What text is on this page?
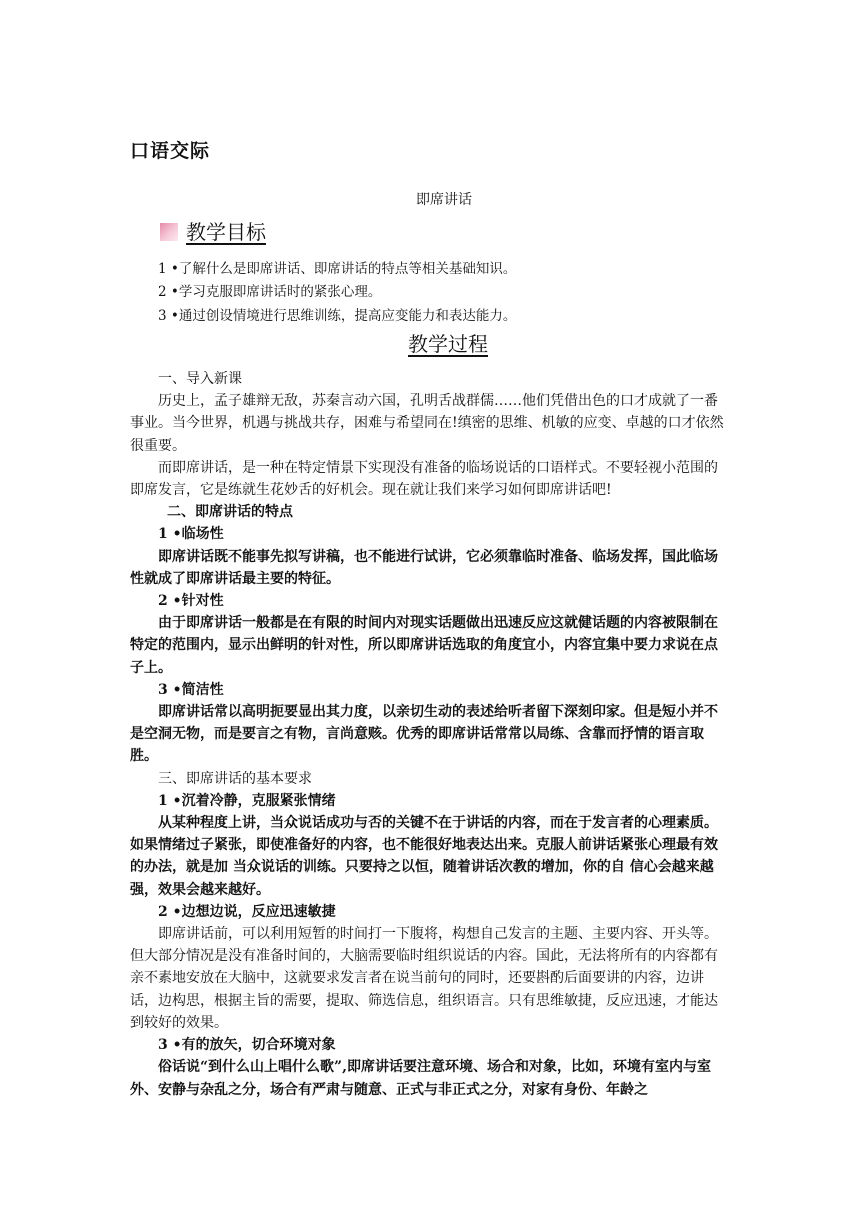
口语交际
即席讲话
教学目标
1 •了解什么是即席讲话、即席讲话的特点等相关基础知识。
2 •学习克服即席讲话时的紧张心理。
3 •通过创设情境进行思维训练，提高应变能力和表达能力。
教学过程

一、导入新课

历史上，孟子雄辩无敌，苏秦言动六国，孔明舌战群儒……他们凭借出色的口才成就了一番事业。当今世界，机遇与挑战共存，困难与希望同在!缜密的思维、机敏的应变、卓越的口才依然很重要。

而即席讲话，是一种在特定情景下实现没有准备的临场说话的口语样式。不要轻视小范围的即席发言，它是练就生花妙舌的好机会。现在就让我们来学习如何即席讲话吧!

二、即席讲话的特点

1 •临场性

即席讲话既不能事先拟写讲稿，也不能进行试讲，它必须靠临时准备、临场发挥，国此临场性就成了即席讲话最主要的特征。

2 •针对性

由于即席讲话一般都是在有限的时间内对现实话题做出迅速反应这就健话题的内容被限制在特定的范围内，显示出鲜明的针对性，所以即席讲话选取的角度宜小，内容宜集中要力求说在点子上。

3 •简洁性

即席讲话常以高明扼要显出其力度，以亲切生动的表述给听者留下深刻印家。但是短小并不是空洞无物，而是要言之有物，言尚意赅。优秀的即席讲话常常以局练、含靠而抒情的语言取胜。

三、即席讲话的基本要求

1 •沉着冷静，克服紧张情绪

从某种程度上讲，当众说话成功与否的关键不在于讲话的内容，而在于发言者的心理素质。如果情绪过子紧张，即使准备好的内容，也不能很好地表达出来。克服人前讲话紧张心理最有效的办法，就是加 当众说话的训练。只要持之以恒，随着讲话次教的增加，你的自 信心会越来越强，效果会越来越好。

2 •边想边说，反应迅速敏捷

即席讲话前，可以利用短暂的时间打一下腹将，构想自己发言的主题、主要内容、开头等。但大部分情况是没有准备时间的，大脑需要临时组织说话的内容。国此，无法将所有的内容都有亲不素地安放在大脑中，这就要求发言者在说当前句的同时，还要斟酌后面要讲的内容，边讲话，边构思，根据主旨的需要，提取、筛选信息，组织语言。只有思维敏捷，反应迅速，才能达到较好的效果。

3 •有的放矢，切合环境对象

俗话说“到什么山上唱什么歌”,即席讲话要注意环境、场合和对象，比如，环境有室内与室外、安静与杂乱之分，场合有严肃与随意、正式与非正式之分，对家有身份、年龄之
